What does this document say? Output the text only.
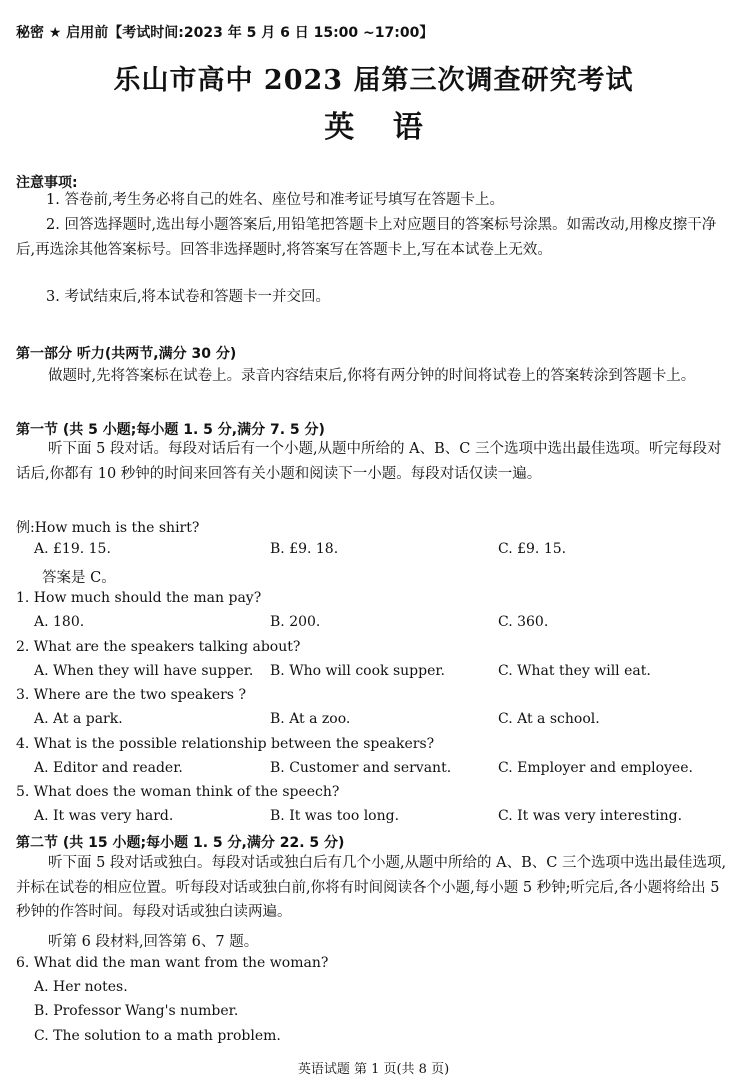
秘密 ★ 启用前【考试时间:2023 年 5 月 6 日 15:00 ~17:00】
乐山市高中 2023 届第三次调查研究考试
英 语
注意事项:
1. 答卷前,考生务必将自己的姓名、座位号和准考证号填写在答题卡上。
2. 回答选择题时,选出每小题答案后,用铅笔把答题卡上对应题目的答案标号涂黑。如需改动,用橡皮擦干净后,再选涂其他答案标号。回答非选择题时,将答案写在答题卡上,写在本试卷上无效。
3. 考试结束后,将本试卷和答题卡一并交回。
第一部分 听力(共两节,满分 30 分)
做题时,先将答案标在试卷上。录音内容结束后,你将有两分钟的时间将试卷上的答案转涂到答题卡上。
第一节 (共 5 小题;每小题 1. 5 分,满分 7. 5 分)
听下面 5 段对话。每段对话后有一个小题,从题中所给的 A、B、C 三个选项中选出最佳选项。听完每段对话后,你都有 10 秒钟的时间来回答有关小题和阅读下一小题。每段对话仅读一遍。
例:How much is the shirt?
A. £19. 15.	B. £9. 18.	C. £9. 15.
答案是 C。
1. How much should the man pay?
A. 180.	B. 200.	C. 360.
2. What are the speakers talking about?
A. When they will have supper. B. Who will cook supper.	C. What they will eat.
3. Where are the two speakers ?
A. At a park.	B. At a zoo.	C. At a school.
4. What is the possible relationship between the speakers?
A. Editor and reader.	B. Customer and servant.	C. Employer and employee.
5. What does the woman think of the speech?
A. It was very hard.	B. It was too long.	C. It was very interesting.
第二节 (共 15 小题;每小题 1. 5 分,满分 22. 5 分)
听下面 5 段对话或独白。每段对话或独白后有几个小题,从题中所给的 A、B、C 三个选项中选出最佳选项,并标在试卷的相应位置。听每段对话或独白前,你将有时间阅读各个小题,每小题 5 秒钟;听完后,各小题将给出 5 秒钟的作答时间。每段对话或独白读两遍。
听第 6 段材料,回答第 6、7 题。
6. What did the man want from the woman?
A. Her notes.
B. Professor Wang's number.
C. The solution to a math problem.
英语试题 第 1 页(共 8 页)
